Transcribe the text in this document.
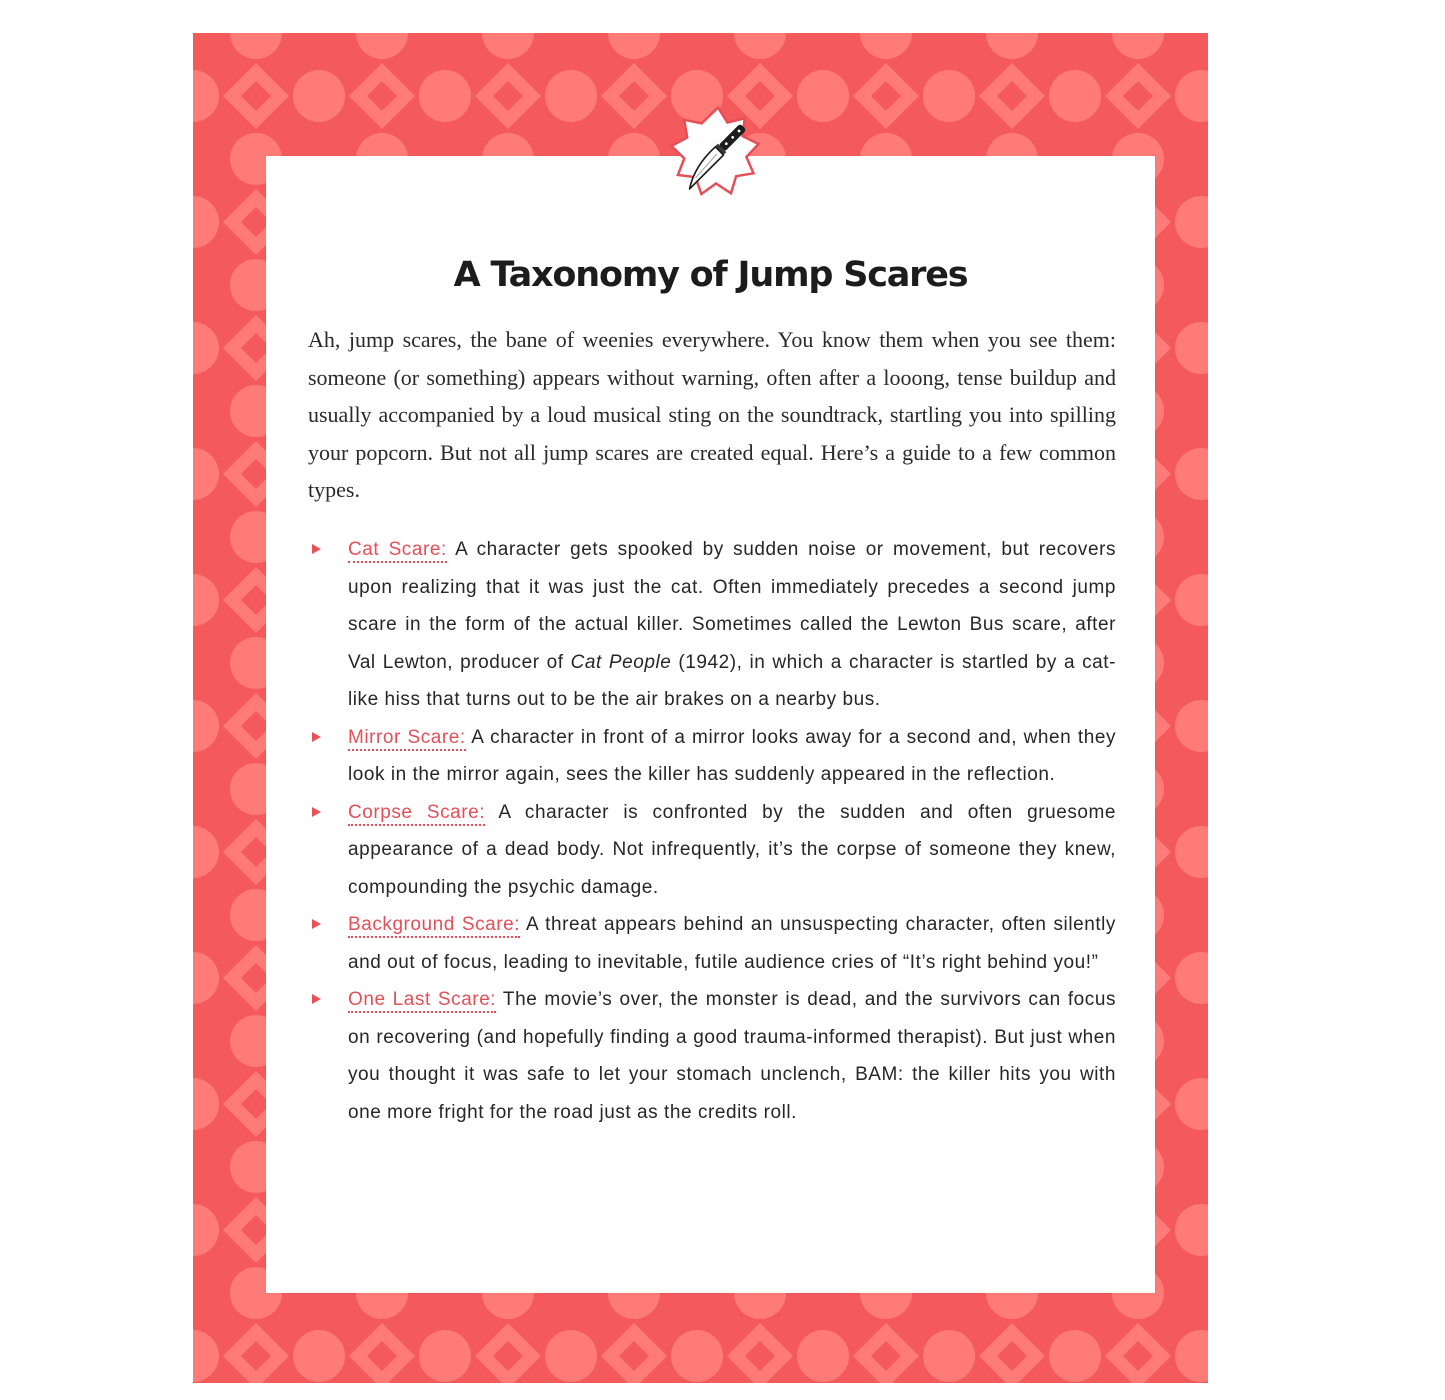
A Taxonomy of Jump Scares

Ah, jump scares, the bane of weenies everywhere. You know them when you see them: someone (or something) appears without warning, often after a looong, tense buildup and usually accompanied by a loud musical sting on the soundtrack, startling you into spilling your popcorn. But not all jump scares are created equal. Here’s a guide to a few common types.

Cat Scare: A character gets spooked by sudden noise or movement, but recovers upon realizing that it was just the cat. Often immediately precedes a second jump scare in the form of the actual killer. Sometimes called the Lewton Bus scare, after Val Lewton, producer of Cat People (1942), in which a character is startled by a cat-like hiss that turns out to be the air brakes on a nearby bus.
Mirror Scare: A character in front of a mirror looks away for a second and, when they look in the mirror again, sees the killer has suddenly appeared in the reflection.
Corpse Scare: A character is confronted by the sudden and often gruesome appearance of a dead body. Not infrequently, it’s the corpse of someone they knew, compounding the psychic damage.
Background Scare: A threat appears behind an unsuspecting character, often silently and out of focus, leading to inevitable, futile audience cries of “It’s right behind you!”
One Last Scare: The movie’s over, the monster is dead, and the survivors can focus on recovering (and hopefully finding a good trauma-informed therapist). But just when you thought it was safe to let your stomach unclench, BAM: the killer hits you with one more fright for the road just as the credits roll.
